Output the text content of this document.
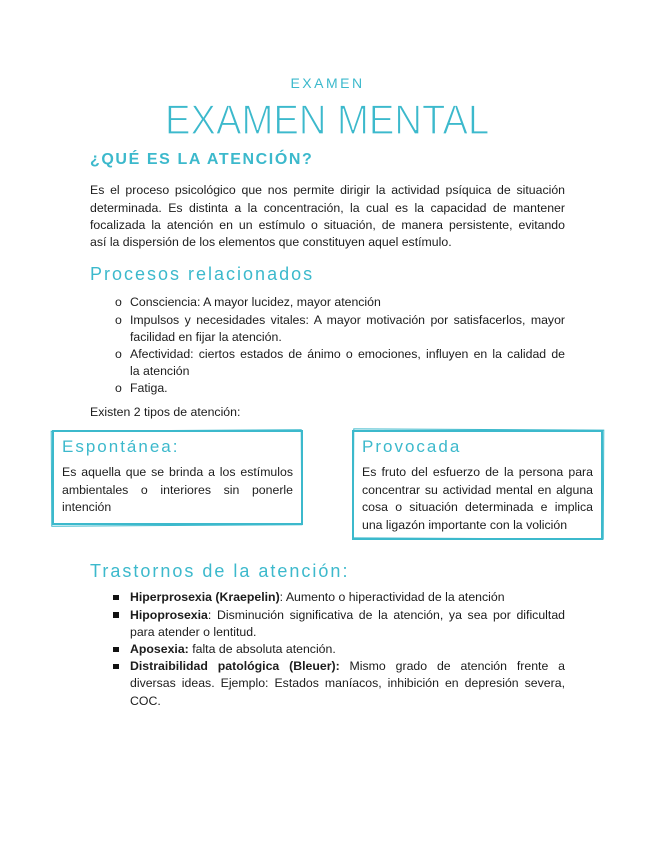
EXAMEN
EXAMEN MENTAL
¿QUÉ ES LA ATENCIÓN?
Es el proceso psicológico que nos permite dirigir la actividad psíquica de situación
determinada. Es distinta a la concentración, la cual es la capacidad de mantener
focalizada la atención en un estímulo o situación, de manera persistente, evitando
así la dispersión de los elementos que constituyen aquel estímulo.
Procesos relacionados
o Consciencia: A mayor lucidez, mayor atención
o Impulsos y necesidades vitales: A mayor motivación por satisfacerlos, mayor
facilidad en fijar la atención.
o Afectividad: ciertos estados de ánimo o emociones, influyen en la calidad de
la atención
o Fatiga.
Existen 2 tipos de atención:
Espontánea:
Es aquella que se brinda a los estímulos
ambientales o interiores sin ponerle
intención
Provocada
Es fruto del esfuerzo de la persona para
concentrar su actividad mental en alguna
cosa o situación determinada e implica
una ligazón importante con la volición
Trastornos de la atención:
Hiperprosexia (Kraepelin): Aumento o hiperactividad de la atención
Hipoprosexia: Disminución significativa de la atención, ya sea por dificultad
para atender o lentitud.
Aposexia: falta de absoluta atención.
Distraibilidad patológica (Bleuer): Mismo grado de atención frente a
diversas ideas. Ejemplo: Estados maníacos, inhibición en depresión severa,
COC.
